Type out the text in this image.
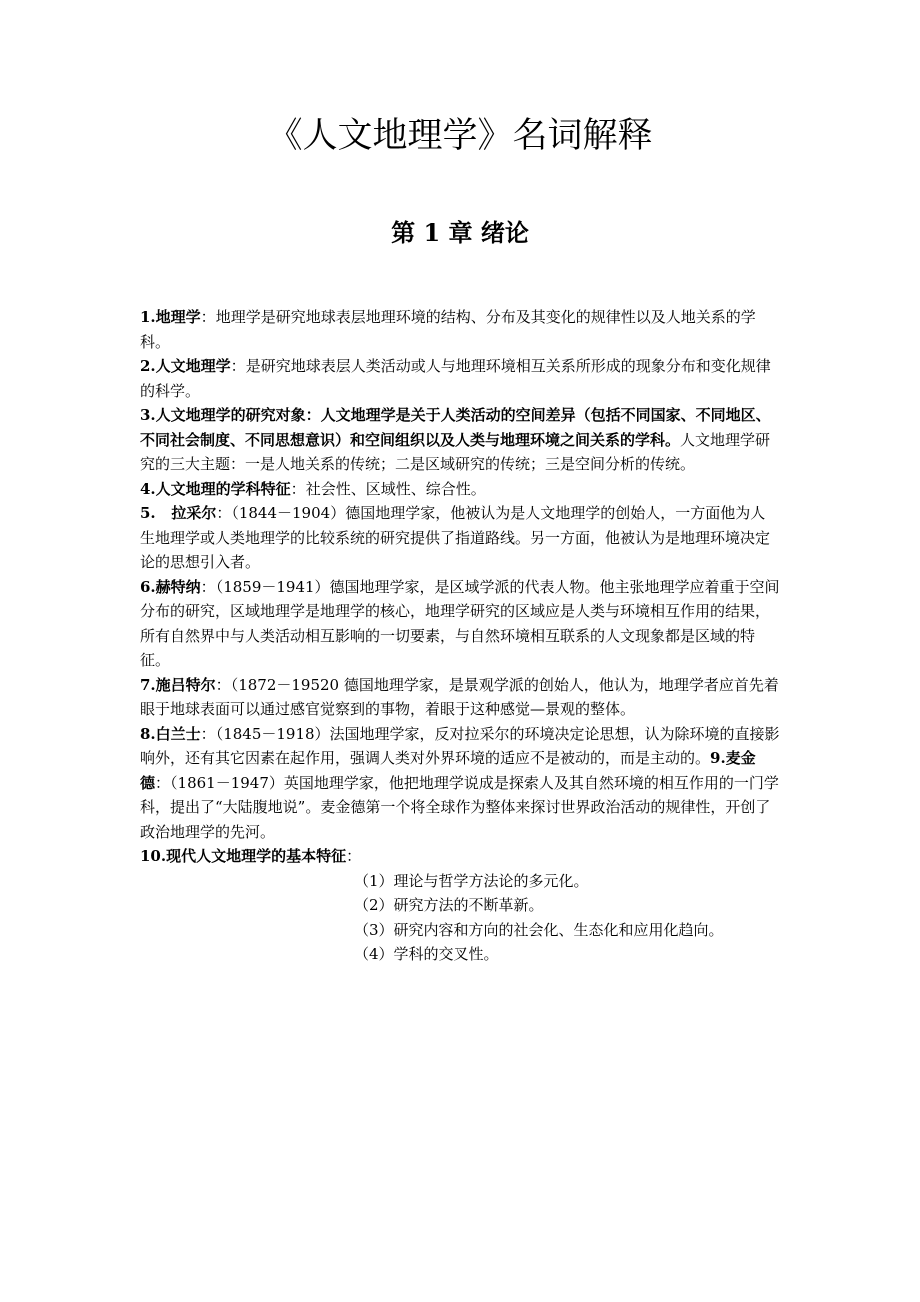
《人文地理学》名词解释
第 1 章 绪论

1.地理学：地理学是研究地球表层地理环境的结构、分布及其变化的规律性以及人地关系的学科。

2.人文地理学：是研究地球表层人类活动或人与地理环境相互关系所形成的现象分布和变化规律的科学。

3.人文地理学的研究对象：人文地理学是关于人类活动的空间差异（包括不同国家、不同地区、不同社会制度、不同思想意识）和空间组织以及人类与地理环境之间关系的学科。人文地理学研究的三大主题：一是人地关系的传统；二是区域研究的传统；三是空间分析的传统。

4.人文地理的学科特征：社会性、区域性、综合性。

5.   拉采尔：（1844－1904）德国地理学家，他被认为是人文地理学的创始人，一方面他为人生地理学或人类地理学的比较系统的研究提供了指道路线。另一方面，他被认为是地理环境决定论的思想引入者。

6.赫特纳：（1859－1941）德国地理学家，是区域学派的代表人物。他主张地理学应着重于空间分布的研究，区域地理学是地理学的核心，地理学研究的区域应是人类与环境相互作用的结果，所有自然界中与人类活动相互影响的一切要素，与自然环境相互联系的人文现象都是区域的特征。

7.施吕特尔：（1872－19520 德国地理学家，是景观学派的创始人，他认为，地理学者应首先着眼于地球表面可以通过感官觉察到的事物，着眼于这种感觉—景观的整体。

8.白兰士：（1845－1918）法国地理学家，反对拉采尔的环境决定论思想，认为除环境的直接影响外，还有其它因素在起作用，强调人类对外界环境的适应不是被动的，而是主动的。9.麦金德：（1861－1947）英国地理学家，他把地理学说成是探索人及其自然环境的相互作用的一门学科，提出了“大陆腹地说”。麦金德第一个将全球作为整体来探讨世界政治活动的规律性，开创了政治地理学的先河。

10.现代人文地理学的基本特征：

（1）理论与哲学方法论的多元化。
（2）研究方法的不断革新。
（3）研究内容和方向的社会化、生态化和应用化趋向。
（4）学科的交叉性。
